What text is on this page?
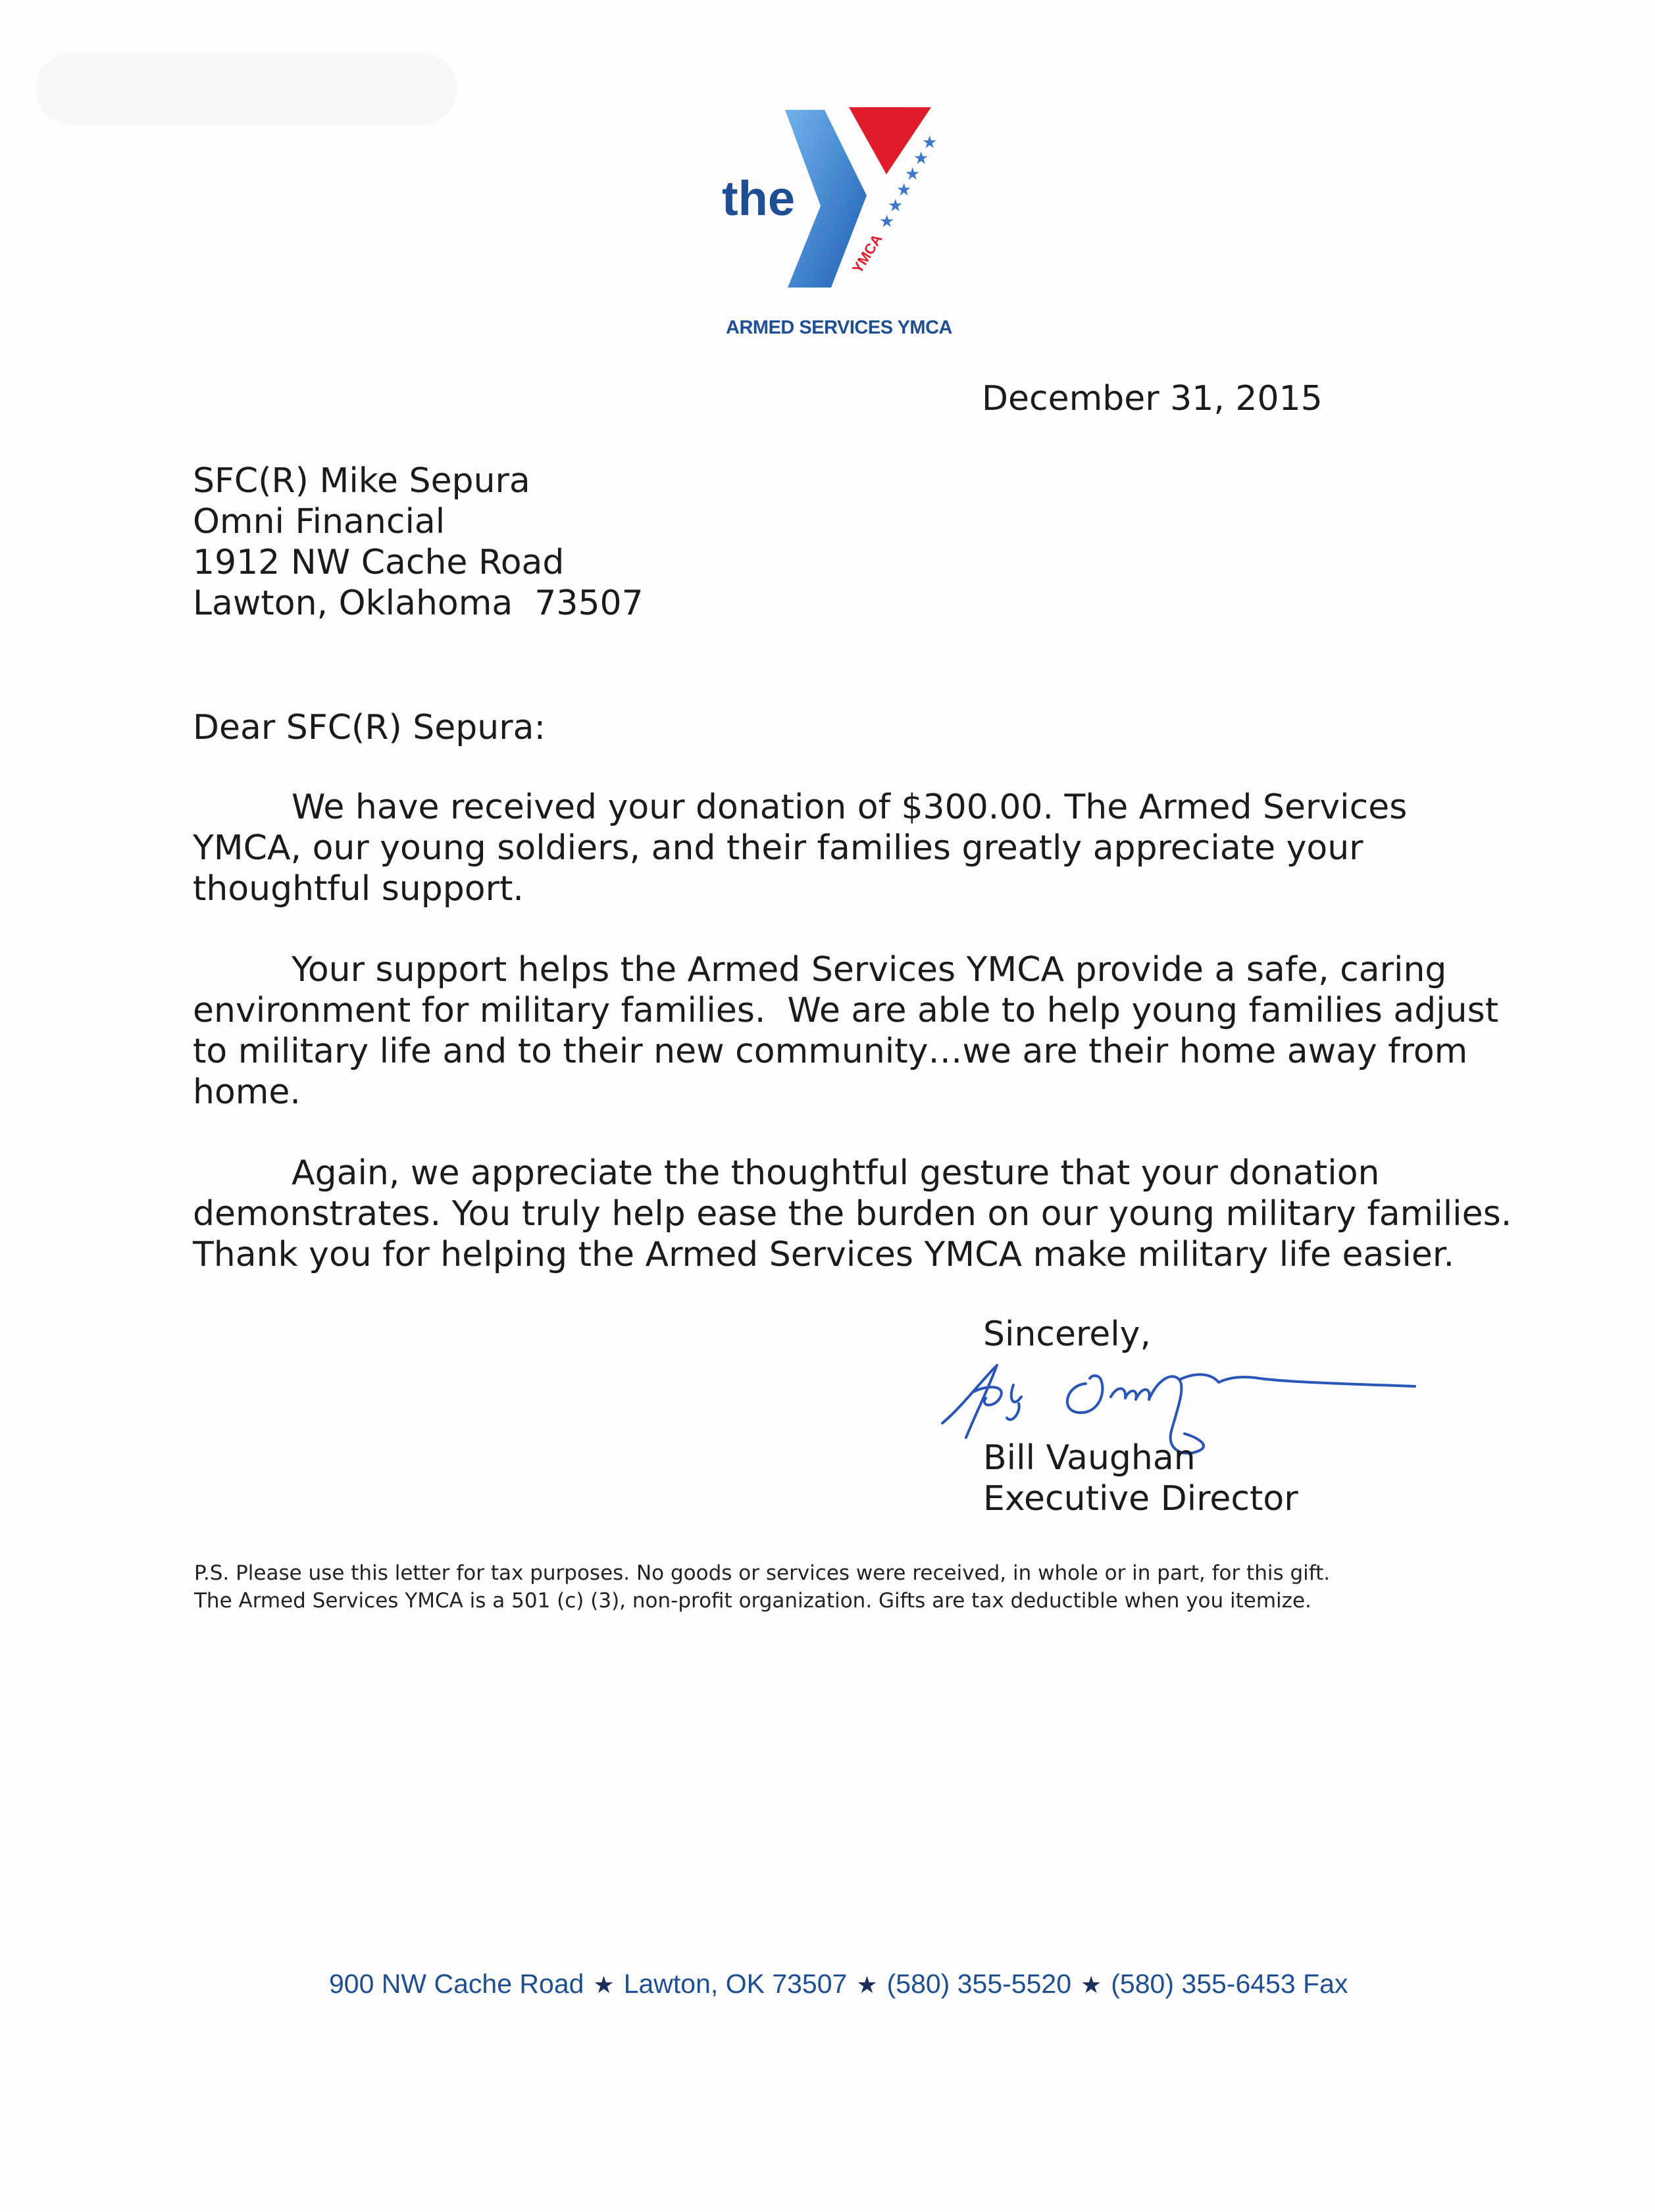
®
★
★
★
★
★
★
YMCA
the
ARMED SERVICES YMCA
December 31, 2015
SFC(R) Mike Sepura
Omni Financial
1912 NW Cache Road
Lawton, Oklahoma  73507
Dear SFC(R) Sepura:
We have received your donation of $300.00. The Armed Services
YMCA, our young soldiers, and their families greatly appreciate your
thoughtful support.
Your support helps the Armed Services YMCA provide a safe, caring
environment for military families.  We are able to help young families adjust
to military life and to their new community…we are their home away from
home.
Again, we appreciate the thoughtful gesture that your donation
demonstrates. You truly help ease the burden on our young military families.
Thank you for helping the Armed Services YMCA make military life easier.
Sincerely,
Bill Vaughan
Executive Director
P.S. Please use this letter for tax purposes. No goods or services were received, in whole or in part, for this gift.
The Armed Services YMCA is a 501 (c) (3), non-profit organization. Gifts are tax deductible when you itemize.
900 NW Cache Road ★ Lawton, OK 73507 ★ (580) 355-5520 ★ (580) 355-6453 Fax
